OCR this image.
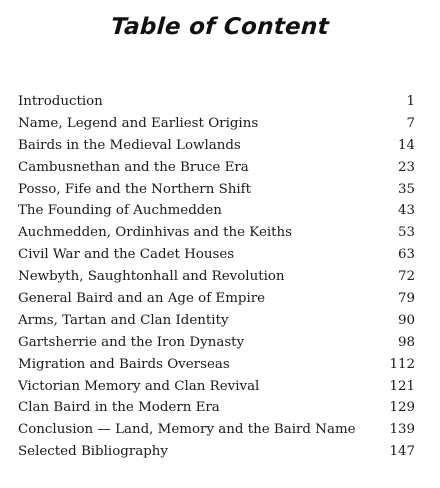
Table of Content
Introduction	1
Name, Legend and Earliest Origins	7
Bairds in the Medieval Lowlands	14
Cambusnethan and the Bruce Era	23
Posso, Fife and the Northern Shift	35
The Founding of Auchmedden	43
Auchmedden, Ordinhivas and the Keiths	53
Civil War and the Cadet Houses	63
Newbyth, Saughtonhall and Revolution	72
General Baird and an Age of Empire	79
Arms, Tartan and Clan Identity	90
Gartsherrie and the Iron Dynasty	98
Migration and Bairds Overseas	112
Victorian Memory and Clan Revival	121
Clan Baird in the Modern Era	129
Conclusion — Land, Memory and the Baird Name	139
Selected Bibliography	147
